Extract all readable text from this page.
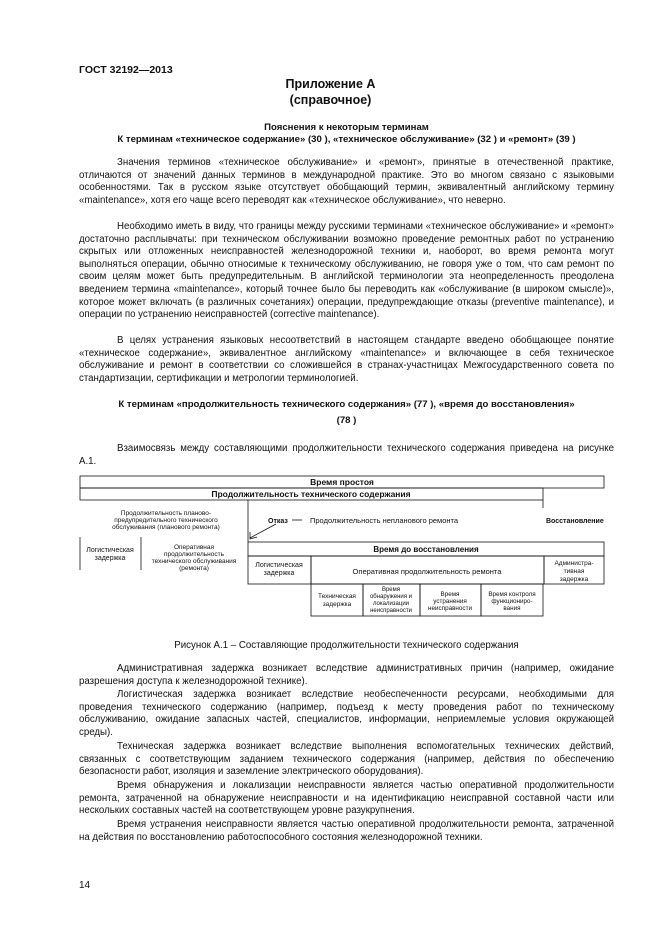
ГОСТ 32192—2013
Приложение А
(справочное)
Пояснения к некоторым терминам
К терминам «техническое содержание» (30 ), «техническое обслуживание» (32 ) и «ремонт» (39 )

Значения терминов «техническое обслуживание» и «ремонт», принятые в отечественной практике, отличаются от значений данных терминов в международной практике. Это во многом связано с языковыми особенностями. Так в русском языке отсутствует обобщающий термин, эквивалентный английскому термину «maintenance», хотя его чаще всего переводят как «техническое обслуживание», что неверно.

Необходимо иметь в виду, что границы между русскими терминами «техническое обслуживание» и «ремонт» достаточно расплывчаты: при техническом обслуживании возможно проведение ремонтных работ по устранению скрытых или отложенных неисправностей железнодорожной техники и, наоборот, во время ремонта могут выполняться операции, обычно относимые к техническому обслуживанию, не говоря уже о том, что сам ремонт по своим целям может быть предупредительным. В английской терминологии эта неопределенность преодолена введением термина «maintenance», который точнее было бы переводить как «обслуживание (в широком смысле)», которое может включать (в различных сочетаниях) операции, предупреждающие отказы (preventive maintenance), и операции по устранению неисправностей (corrective maintenance).

В целях устранения языковых несоответствий в настоящем стандарте введено обобщающее понятие «техническое содержание», эквивалентное английскому «maintenance» и включающее в себя техническое обслуживание и ремонт в соответствии со сложившейся в странах-участницах Межгосударственного совета по стандартизации, сертификации и метрологии терминологией.

К терминам «продолжительность технического содержания» (77 ), «время до восстановления»
(78 )

Взаимосвязь между составляющими продолжительности технического содержания приведена на рисунке А.1.

Время простоя
Продолжительность технического содержания
Продолжительность планово-
предупредительного технического
обслуживания (планового ремонта)
Отказ	Продолжительность непланового ремонта	Восстановление
Логистическая
задержка
Оперативная
продолжительность
технического обслуживания
(ремонта)
Время до восстановления
Логистическая
задержка	Оперативная продолжительность ремонта
Администра-
тивная
задержка
Техническая
задержка
Время
обнаружения и
локализации
неисправности
Время
устранения
неисправности
Время контроля
функциониро-
вания
Рисунок А.1 – Составляющие продолжительности технического содержания

Административная задержка возникает вследствие административных причин (например, ожидание разрешения доступа к железнодорожной технике).

Логистическая задержка возникает вследствие необеспеченности ресурсами, необходимыми для проведения технического содержанию (например, подъезд к месту проведения работ по техническому обслуживанию, ожидание запасных частей, специалистов, информации, неприемлемые условия окружающей среды).

Техническая задержка возникает вследствие выполнения вспомогательных технических действий, связанных с соответствующим заданием технического содержания (например, действия по обеспечению безопасности работ, изоляция и заземление электрического оборудования).

Время обнаружения и локализации неисправности является частью оперативной продолжительности ремонта, затраченной на обнаружение неисправности и на идентификацию неисправной составной части или нескольких составных частей на соответствующем уровне разукрупнения.

Время устранения неисправности является частью оперативной продолжительности ремонта, затраченной на действия по восстановлению работоспособного состояния железнодорожной техники.

14
